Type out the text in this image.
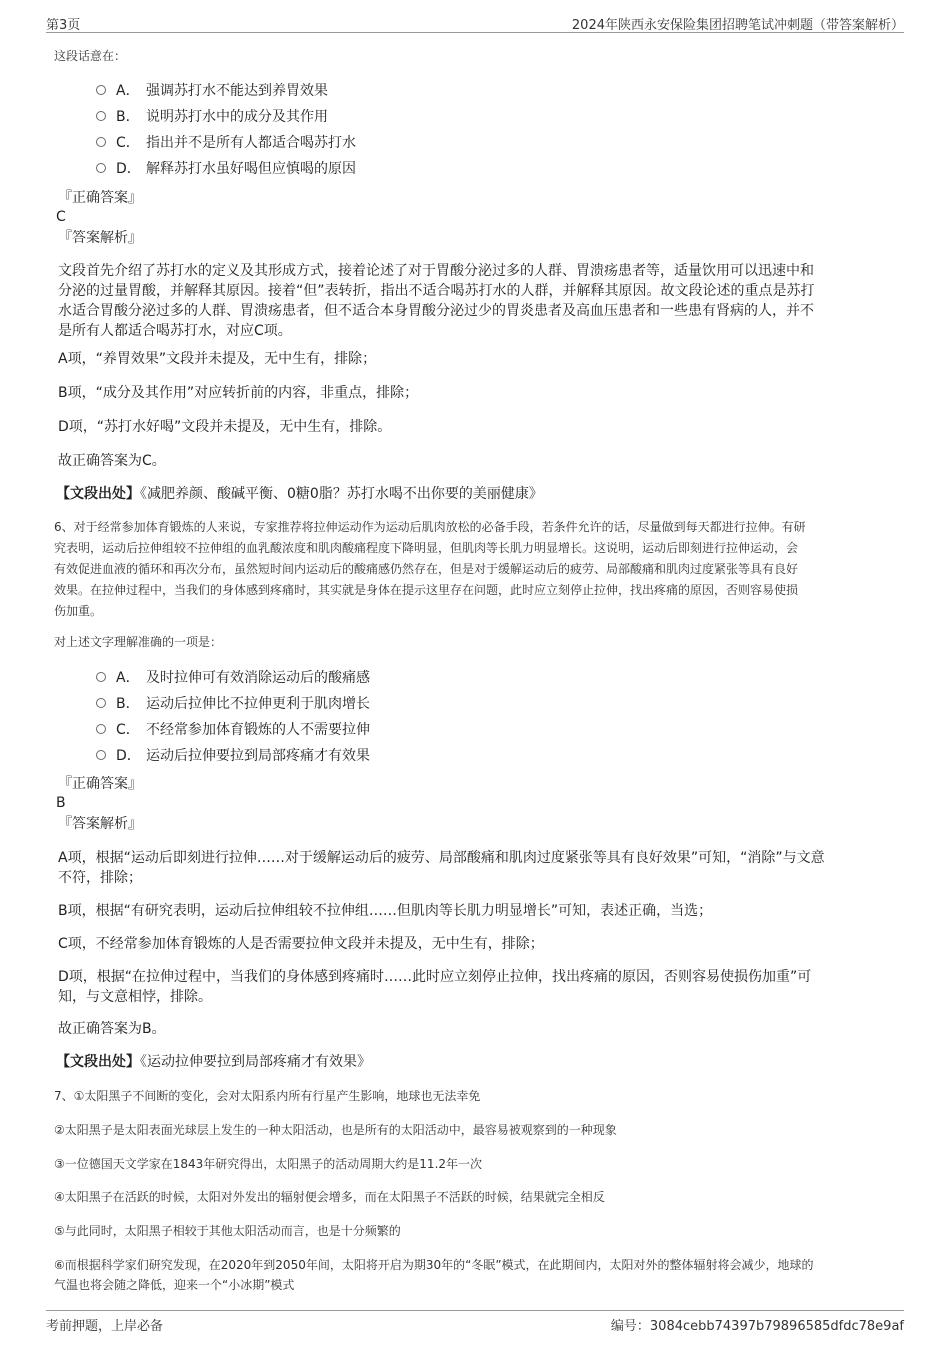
第3页	2024年陕西永安保险集团招聘笔试冲刺题（带答案解析）
这段话意在：
A． 强调苏打水不能达到养胃效果
B． 说明苏打水中的成分及其作用
C． 指出并不是所有人都适合喝苏打水
D． 解释苏打水虽好喝但应慎喝的原因
『正确答案』
C
『答案解析』
文段首先介绍了苏打水的定义及其形成方式，接着论述了对于胃酸分泌过多的人群、胃溃疡患者等，适量饮用可以迅速中和
分泌的过量胃酸，并解释其原因。接着“但”表转折，指出不适合喝苏打水的人群，并解释其原因。故文段论述的重点是苏打
水适合胃酸分泌过多的人群、胃溃疡患者，但不适合本身胃酸分泌过少的胃炎患者及高血压患者和一些患有肾病的人，并不
是所有人都适合喝苏打水，对应C项。
A项，“养胃效果”文段并未提及，无中生有，排除；
B项，“成分及其作用”对应转折前的内容，非重点，排除；
D项，“苏打水好喝”文段并未提及，无中生有，排除。
故正确答案为C。
【文段出处】《减肥养颜、酸碱平衡、0糖0脂？苏打水喝不出你要的美丽健康》
6、对于经常参加体育锻炼的人来说，专家推荐将拉伸运动作为运动后肌肉放松的必备手段，若条件允许的话，尽量做到每天都进行拉伸。有研
究表明，运动后拉伸组较不拉伸组的血乳酸浓度和肌肉酸痛程度下降明显，但肌肉等长肌力明显增长。这说明，运动后即刻进行拉伸运动，会
有效促进血液的循环和再次分布，虽然短时间内运动后的酸痛感仍然存在，但是对于缓解运动后的疲劳、局部酸痛和肌肉过度紧张等具有良好
效果。在拉伸过程中，当我们的身体感到疼痛时，其实就是身体在提示这里存在问题，此时应立刻停止拉伸，找出疼痛的原因，否则容易使损
伤加重。
对上述文字理解准确的一项是：
A． 及时拉伸可有效消除运动后的酸痛感
B． 运动后拉伸比不拉伸更利于肌肉增长
C． 不经常参加体育锻炼的人不需要拉伸
D． 运动后拉伸要拉到局部疼痛才有效果
『正确答案』
B
『答案解析』
A项，根据“运动后即刻进行拉伸……对于缓解运动后的疲劳、局部酸痛和肌肉过度紧张等具有良好效果”可知，“消除”与文意
不符，排除；
B项，根据“有研究表明，运动后拉伸组较不拉伸组……但肌肉等长肌力明显增长”可知，表述正确，当选；
C项，不经常参加体育锻炼的人是否需要拉伸文段并未提及，无中生有，排除；
D项，根据“在拉伸过程中，当我们的身体感到疼痛时……此时应立刻停止拉伸，找出疼痛的原因，否则容易使损伤加重”可
知，与文意相悖，排除。
故正确答案为B。
【文段出处】《运动拉伸要拉到局部疼痛才有效果》
7、①太阳黑子不间断的变化，会对太阳系内所有行星产生影响，地球也无法幸免
②太阳黑子是太阳表面光球层上发生的一种太阳活动，也是所有的太阳活动中，最容易被观察到的一种现象
③一位德国天文学家在1843年研究得出，太阳黑子的活动周期大约是11.2年一次
④太阳黑子在活跃的时候，太阳对外发出的辐射便会增多，而在太阳黑子不活跃的时候，结果就完全相反
⑤与此同时，太阳黑子相较于其他太阳活动而言，也是十分频繁的
⑥而根据科学家们研究发现，在2020年到2050年间，太阳将开启为期30年的“冬眠”模式，在此期间内，太阳对外的整体辐射将会减少，地球的
气温也将会随之降低，迎来一个“小冰期”模式
考前押题，上岸必备	编号：3084cebb74397b79896585dfdc78e9af
